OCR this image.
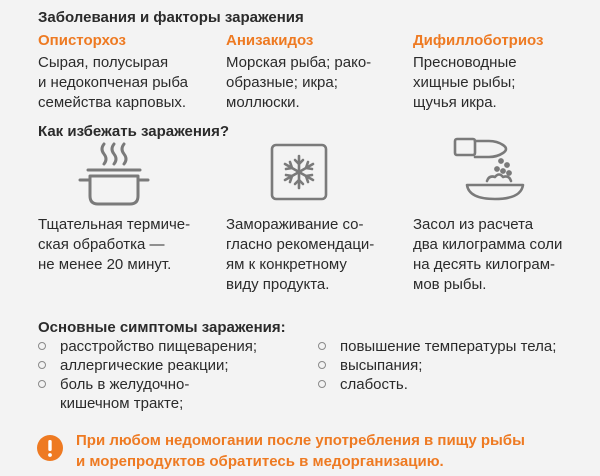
Заболевания и факторы заражения
Описторхоз
Сырая, полусырая
и недокопченая рыба
семейства карповых.
Анизакидоз
Морская рыба; рако-
образные; икра;
моллюски.
Дифиллоботриоз
Пресноводные
хищные рыбы;
щучья икра.
Как избежать заражения?
Тщательная термиче-
ская обработка —
не менее 20 минут.
Замораживание со-
гласно рекомендаци-
ям к конкретному
виду продукта.
Засол из расчета
два килограмма соли
на десять килограм-
мов рыбы.
Основные симптомы заражения:
расстройство пищеварения;
аллергические реакции;
боль в желудочно-
кишечном тракте;
повышение температуры тела;
высыпания;
слабость.
При любом недомогании после употребления в пищу рыбы
и морепродуктов обратитесь в медорганизацию.
